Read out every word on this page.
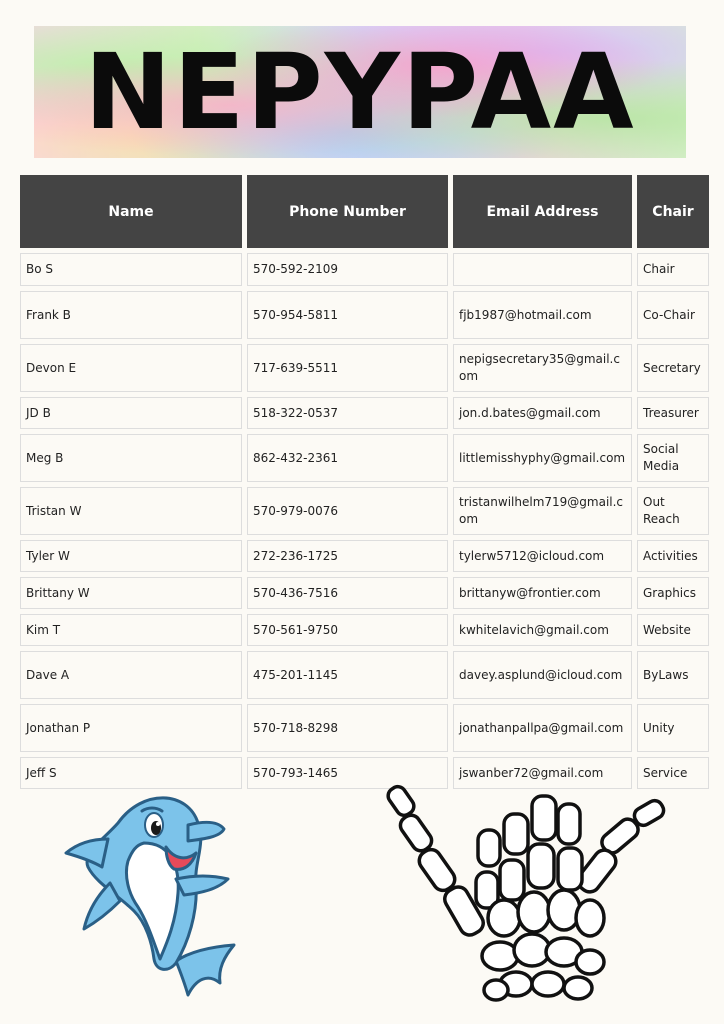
NEPYPAA
Name	Phone Number	Email Address	Chair
Bo S	570-592-2109		Chair
Frank B	570-954-5811	fjb1987@hotmail.com	Co-Chair
Devon E	717-639-5511	nepigsecretary35@gmail.com	Secretary
JD B	518-322-0537	jon.d.bates@gmail.com	Treasurer
Meg B	862-432-2361	littlemisshyphy@gmail.com	Social Media
Tristan W	570-979-0076	tristanwilhelm719@gmail.com	Out Reach
Tyler W	272-236-1725	tylerw5712@icloud.com	Activities
Brittany W	570-436-7516	brittanyw@frontier.com	Graphics
Kim T	570-561-9750	kwhitelavich@gmail.com	Website
Dave A	475-201-1145	davey.asplund@icloud.com	ByLaws
Jonathan P	570-718-8298	jonathanpallpa@gmail.com	Unity
Jeff S	570-793-1465	jswanber72@gmail.com	Service
